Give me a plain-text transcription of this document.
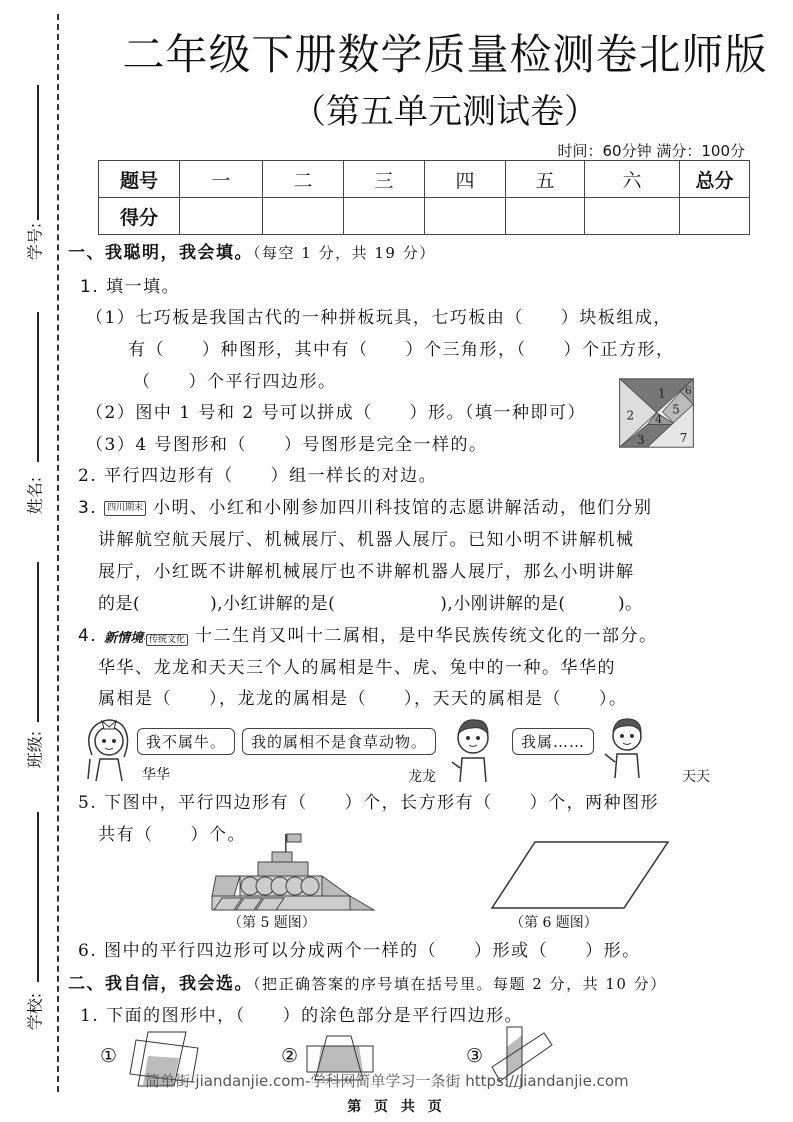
学号:
姓名:
班级:
学校:
二年级下册数学质量检测卷北师版
（第五单元测试卷）
时间：60分钟 满分：100分
题号	一	二	三	四	五	六	总分
得分							
一、我聪明，我会填。（每空 1 分，共 19 分）
1. 填一填。
（1）七巧板是我国古代的一种拼板玩具，七巧板由（　　）块板组成，
有（　　）种图形，其中有（　　）个三角形，（　　）个正方形，
（　　）个平行四边形。
（2）图中 1 号和 2 号可以拼成（　　）形。（填一种即可）
（3）4 号图形和（　　）号图形是完全一样的。
1
2
3
4
5
6
7
2. 平行四边形有（　　）组一样长的对边。
3. 四川期末 小明、小红和小刚参加四川科技馆的志愿讲解活动，他们分别
讲解航空航天展厅、机械展厅、机器人展厅。已知小明不讲解机械
展厅，小红既不讲解机械展厅也不讲解机器人展厅，那么小明讲解
的是(　　　　),小红讲解的是(　　　　　　),小刚讲解的是(　　　)。
4. 新情境· 传统文化 十二生肖又叫十二属相，是中华民族传统文化的一部分。
华华、龙龙和天天三个人的属相是牛、虎、兔中的一种。华华的
属相是（　　），龙龙的属相是（　　），天天的属相是（　　）。
我不属牛。
华华
我的属相不是食草动物。
龙龙
我属……
天天
5. 下图中，平行四边形有（　　）个，长方形有（　　）个，两种图形
共有（　　）个。
（第 5 题图）	（第 6 题图）
6. 图中的平行四边形可以分成两个一样的（　　）形或（　　）形。
二、我自信，我会选。（把正确答案的序号填在括号里。每题 2 分，共 10 分）
1. 下面的图形中，（　　）的涂色部分是平行四边形。
①	②	③
简单街-jiandanjie.com-学科网简单学习一条街 https://jiandanjie.com
第 页 共 页
